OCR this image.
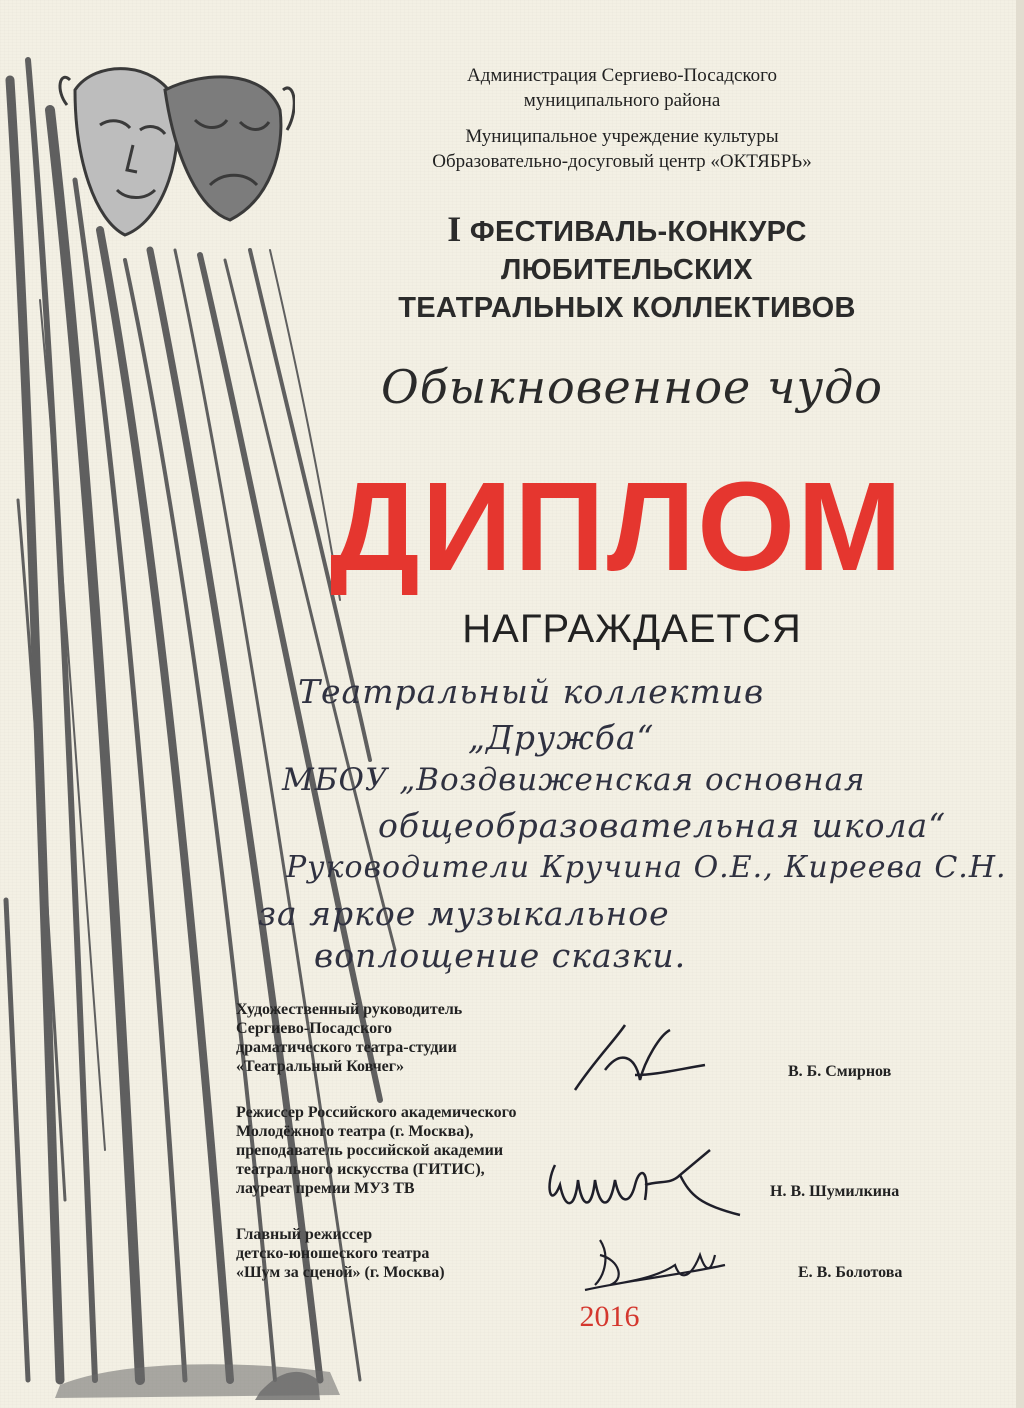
Администрация Сергиево-Посадского
муниципального района
Муниципальное учреждение культуры
Образовательно-досуговый центр «ОКТЯБРЬ»
I ФЕСТИВАЛЬ-КОНКУРС
ЛЮБИТЕЛЬСКИХ
ТЕАТРАЛЬНЫХ КОЛЛЕКТИВОВ
Обыкновенное чудо
ДИПЛОМ
НАГРАЖДАЕТСЯ
Театральный коллектив
„Дружба“
МБОУ „Воздвиженская основная
общеобразовательная школа“
Руководители Кручина О.Е., Киреева С.Н.
за яркое музыкальное
воплощение сказки.
Художественный руководитель
Сергиево-Посадского
драматического театра-студии
«Театральный Ковчег»	В. Б. Смирнов
Режиссер Российского академического
Молодёжного театра (г. Москва),
преподаватель российской академии
театрального искусства (ГИТИС),
лауреат премии МУЗ ТВ	Н. В. Шумилкина
Главный режиссер
детско-юношеского театра
«Шум за сценой» (г. Москва)	Е. В. Болотова
2016
